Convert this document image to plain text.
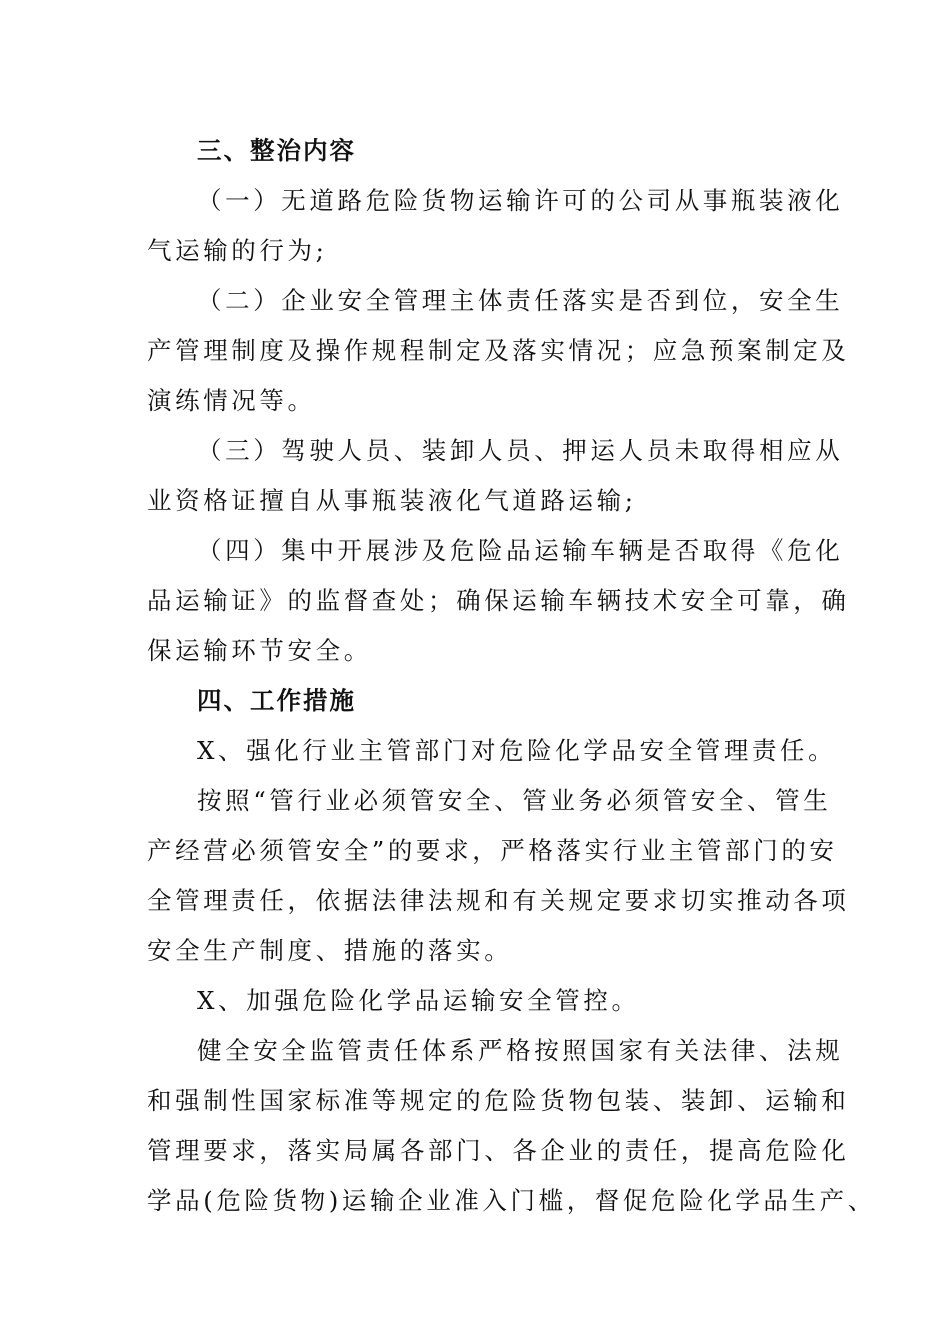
三、整治内容
（一）无道路危险货物运输许可的公司从事瓶装液化
气运输的行为;
（二）企业安全管理主体责任落实是否到位，安全生
产管理制度及操作规程制定及落实情况；应急预案制定及
演练情况等。
（三）驾驶人员、装卸人员、押运人员未取得相应从
业资格证擅自从事瓶装液化气道路运输;
（四）集中开展涉及危险品运输车辆是否取得《危化
品运输证》的监督查处；确保运输车辆技术安全可靠，确
保运输环节安全。
四、工作措施
X、强化行业主管部门对危险化学品安全管理责任。
按照“管行业必须管安全、管业务必须管安全、管生
产经营必须管安全”的要求，严格落实行业主管部门的安
全管理责任，依据法律法规和有关规定要求切实推动各项
安全生产制度、措施的落实。
X、加强危险化学品运输安全管控。
健全安全监管责任体系严格按照国家有关法律、法规
和强制性国家标准等规定的危险货物包装、装卸、运输和
管理要求，落实局属各部门、各企业的责任，提高危险化
学品(危险货物)运输企业准入门槛，督促危险化学品生产、
